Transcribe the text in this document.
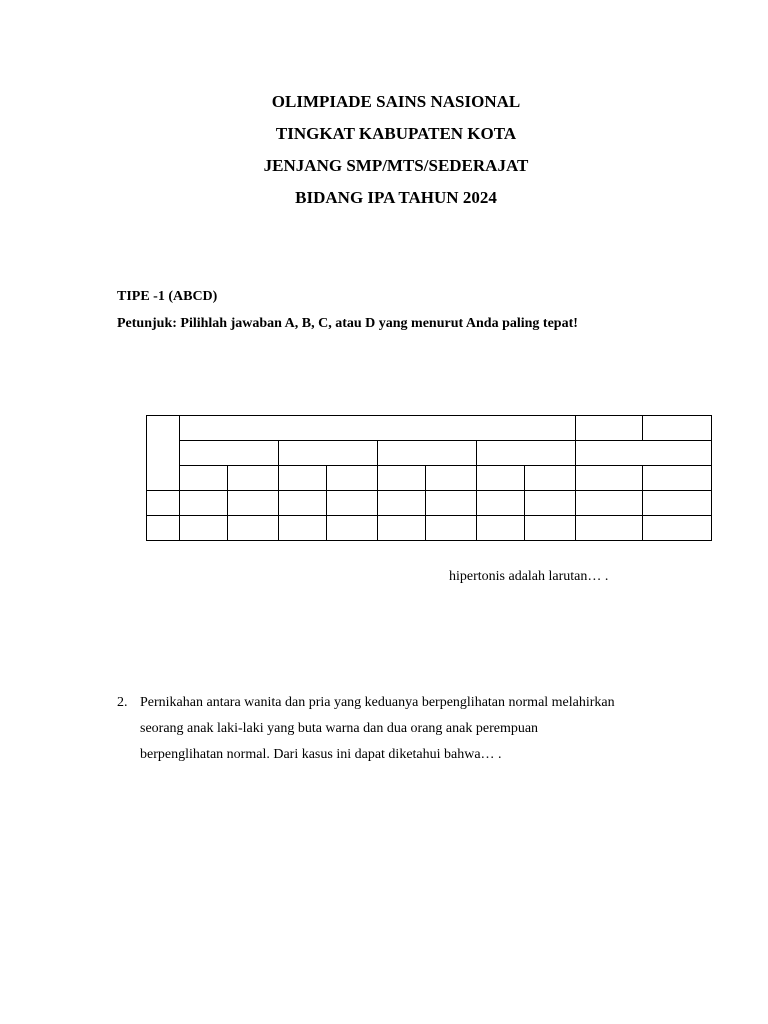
OLIMPIADE SAINS NASIONAL
TINGKAT KABUPATEN KOTA
JENJANG SMP/MTS/SEDERAJAT
BIDANG IPA TAHUN 2024
TIPE -1 (ABCD)
Petunjuk: Pilihlah jawaban A, B, C, atau D yang menurut Anda paling tepat!

hipertonis adalah larutan… .
2. Pernikahan antara wanita dan pria yang keduanya berpenglihatan normal melahirkan
seorang anak laki-laki yang buta warna dan dua orang anak perempuan
berpenglihatan normal. Dari kasus ini dapat diketahui bahwa… .
